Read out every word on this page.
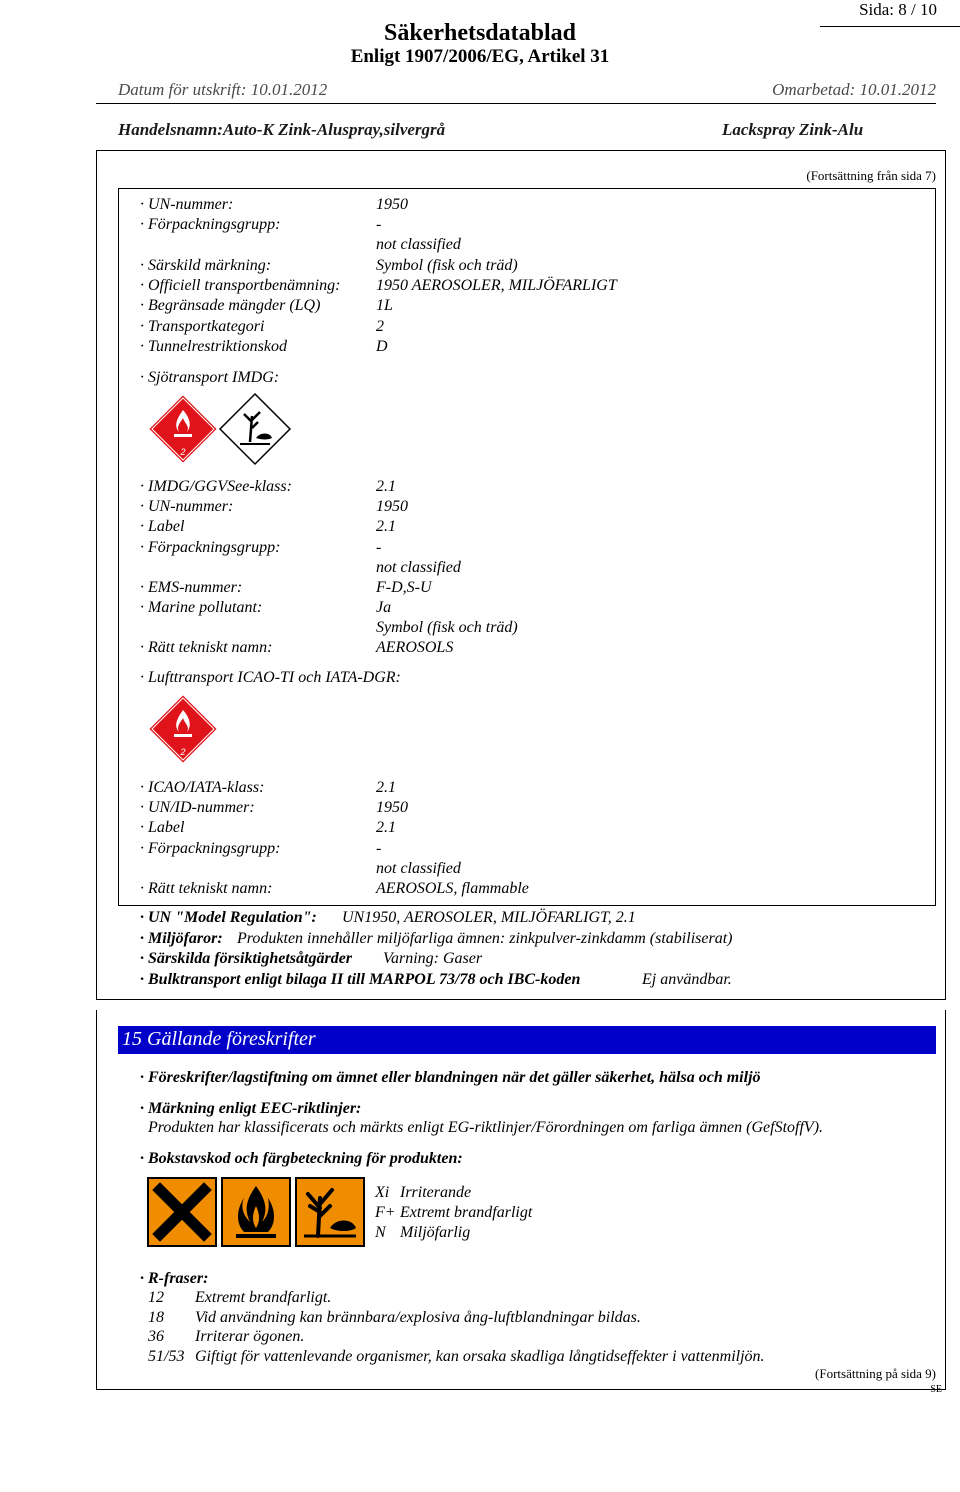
Sida: 8 / 10
Säkerhetsdatablad
Enligt 1907/2006/EG, Artikel 31
Datum för utskrift: 10.01.2012	Omarbetad: 10.01.2012
Handelsnamn:Auto-K Zink-Aluspray,silvergrå	Lackspray Zink-Alu
(Fortsättning från sida 7)
· UN-nummer:	1950
· Förpackningsgrupp:	-
not classified
· Särskild märkning:	Symbol (fisk och träd)
· Officiell transportbenämning: 1950 AEROSOLER, MILJÖFARLIGT
· Begränsade mängder (LQ)	1L
· Transportkategori	2
· Tunnelrestriktionskod	D
· Sjötransport IMDG:
2
· IMDG/GGVSee-klass:	2.1
· UN-nummer:	1950
· Label	2.1
· Förpackningsgrupp:	-
not classified
· EMS-nummer:	F-D,S-U
· Marine pollutant:	Ja
Symbol (fisk och träd)
· Rätt tekniskt namn:	AEROSOLS
· Lufttransport ICAO-TI och IATA-DGR:
2
· ICAO/IATA-klass:	2.1
· UN/ID-nummer:	1950
· Label	2.1
· Förpackningsgrupp:	-
not classified
· Rätt tekniskt namn:	AEROSOLS, flammable
· UN "Model Regulation": UN1950, AEROSOLER, MILJÖFARLIGT, 2.1
· Miljöfaror: Produkten innehåller miljöfarliga ämnen: zinkpulver-zinkdamm (stabiliserat)
· Särskilda försiktighetsåtgärder Varning: Gaser
· Bulktransport enligt bilaga II till MARPOL 73/78 och IBC-koden	Ej användbar.
15 Gällande föreskrifter
· Föreskrifter/lagstiftning om ämnet eller blandningen när det gäller säkerhet, hälsa och miljö
· Märkning enligt EEC-riktlinjer:
Produkten har klassificerats och märkts enligt EG-riktlinjer/Förordningen om farliga ämnen (GefStoffV).
· Bokstavskod och färgbeteckning för produkten:
Xi Irriterande
F+ Extremt brandfarligt
N Miljöfarlig
· R-fraser:
12 Extremt brandfarligt.
18 Vid användning kan brännbara/explosiva ång-luftblandningar bildas.
36 Irriterar ögonen.
51/53 Giftigt för vattenlevande organismer, kan orsaka skadliga långtidseffekter i vattenmiljön.
(Fortsättning på sida 9)
SE
